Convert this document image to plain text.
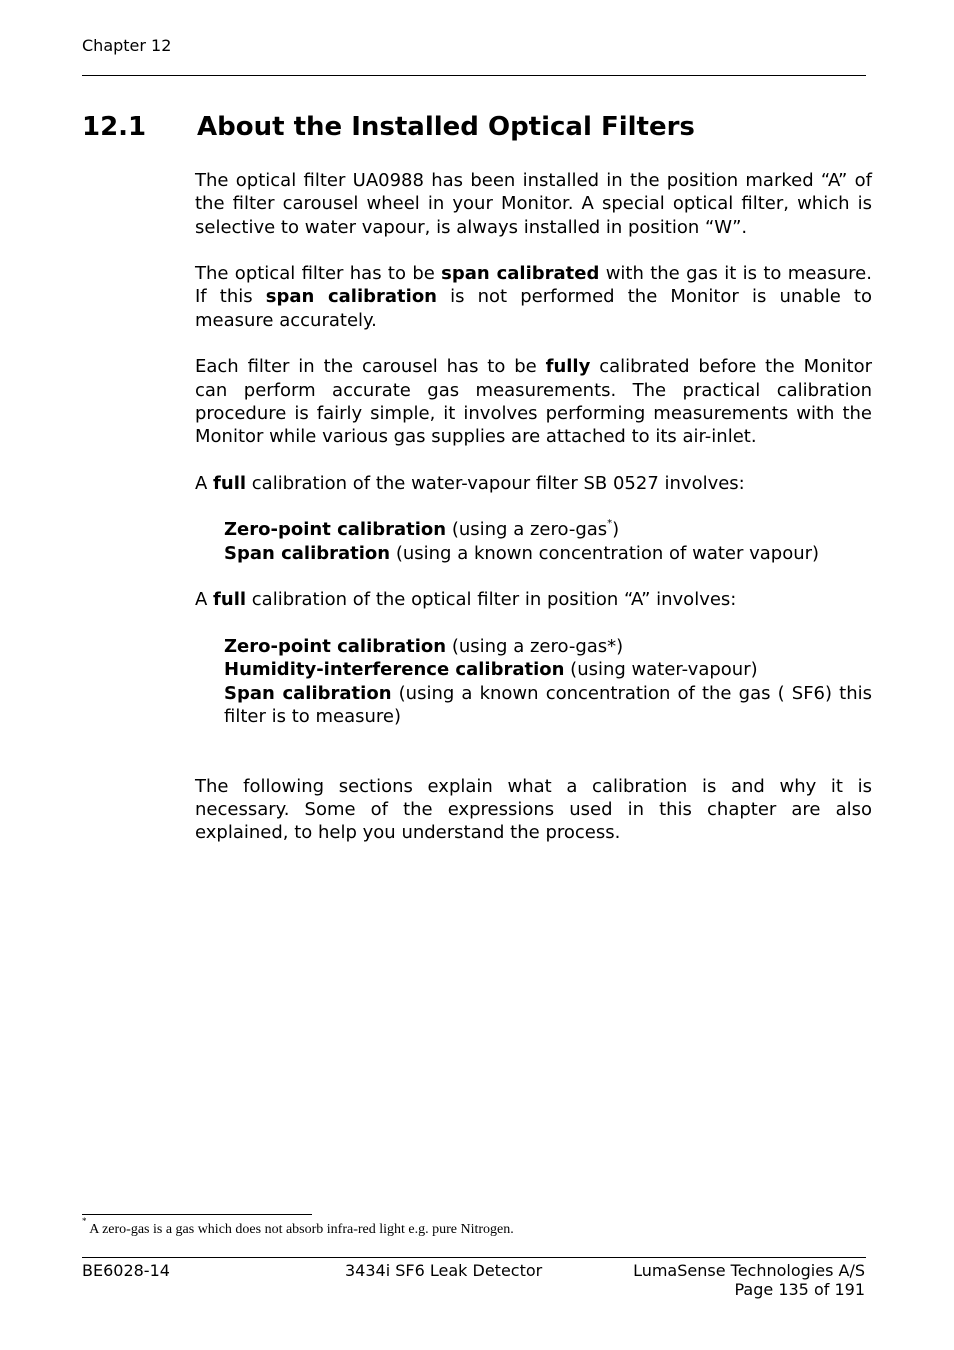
Chapter 12
12.1 About the Installed Optical Filters

The optical filter UA0988 has been installed in the position marked “A” of the filter carousel wheel in your Monitor. A special optical filter, which is selective to water vapour, is always installed in position “W”.

The optical filter has to be span calibrated with the gas it is to measure. If this span calibration is not performed the Monitor is unable to measure accurately.

Each filter in the carousel has to be fully calibrated before the Monitor can perform accurate gas measurements. The practical calibration procedure is fairly simple, it involves performing measurements with the Monitor while various gas supplies are attached to its air-inlet.

A full calibration of the water-vapour filter SB 0527 involves:

Zero-point calibration (using a zero-gas*)
Span calibration (using a known concentration of water vapour)

A full calibration of the optical filter in position “A” involves:

Zero-point calibration (using a zero-gas*)
Humidity-interference calibration (using water-vapour)
Span calibration (using a known concentration of the gas ( SF6) this filter is to measure)

The following sections explain what a calibration is and why it is necessary. Some of the expressions used in this chapter are also explained, to help you understand the process.

* A zero-gas is a gas which does not absorb infra-red light e.g. pure Nitrogen.
BE6028-14	3434i SF6 Leak Detector	LumaSense Technologies A/S
Page 135 of 191
